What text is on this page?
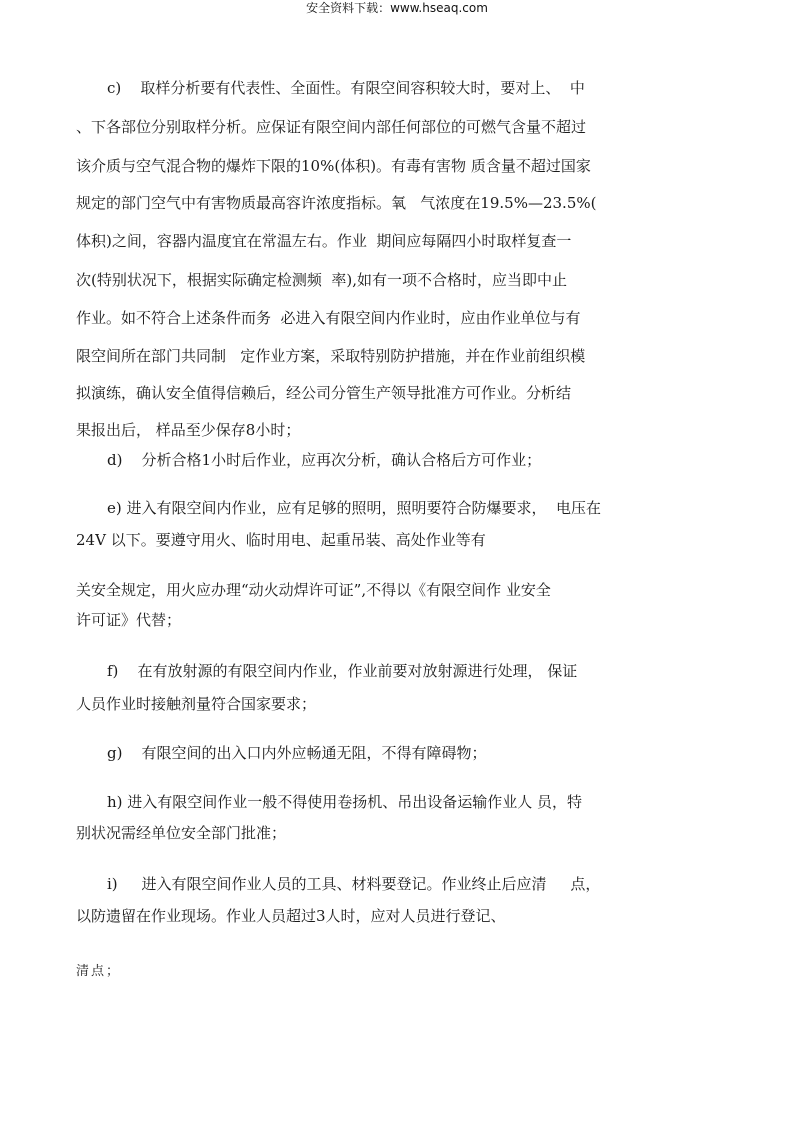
安全资料下载：www.hseaq.com
c)    取样分析要有代表性、全面性。有限空间容积较大时，要对上、  中
、下各部位分别取样分析。应保证有限空间内部任何部位的可燃气含量不超过
该介质与空气混合物的爆炸下限的10%(体积)。有毒有害物 质含量不超过国家
规定的部门空气中有害物质最高容许浓度指标。氧   气浓度在19.5%—23.5%(
体积)之间，容器内温度宜在常温左右。作业  期间应每隔四小时取样复查一
次(特别状况下，根据实际确定检测频  率),如有一项不合格时，应当即中止
作业。如不符合上述条件而务  必进入有限空间内作业时，应由作业单位与有
限空间所在部门共同制   定作业方案，采取特别防护措施，并在作业前组织模
拟演练，确认安全值得信赖后，经公司分管生产领导批准方可作业。分析结
果报出后， 样品至少保存8小时；
d)    分析合格1小时后作业，应再次分析，确认合格后方可作业；
e) 进入有限空间内作业，应有足够的照明，照明要符合防爆要求，  电压在
24V 以下。要遵守用火、临时用电、起重吊装、高处作业等有
关安全规定，用火应办理“动火动焊许可证”,不得以《有限空间作 业安全
许可证》代替；
f)    在有放射源的有限空间内作业，作业前要对放射源进行处理， 保证
人员作业时接触剂量符合国家要求；
g)    有限空间的出入口内外应畅通无阻，不得有障碍物；
h) 进入有限空间作业一般不得使用卷扬机、吊出设备运输作业人 员，特
别状况需经单位安全部门批准；
i)     进入有限空间作业人员的工具、材料要登记。作业终止后应清     点，
以防遗留在作业现场。作业人员超过3人时，应对人员进行登记、
清点；
